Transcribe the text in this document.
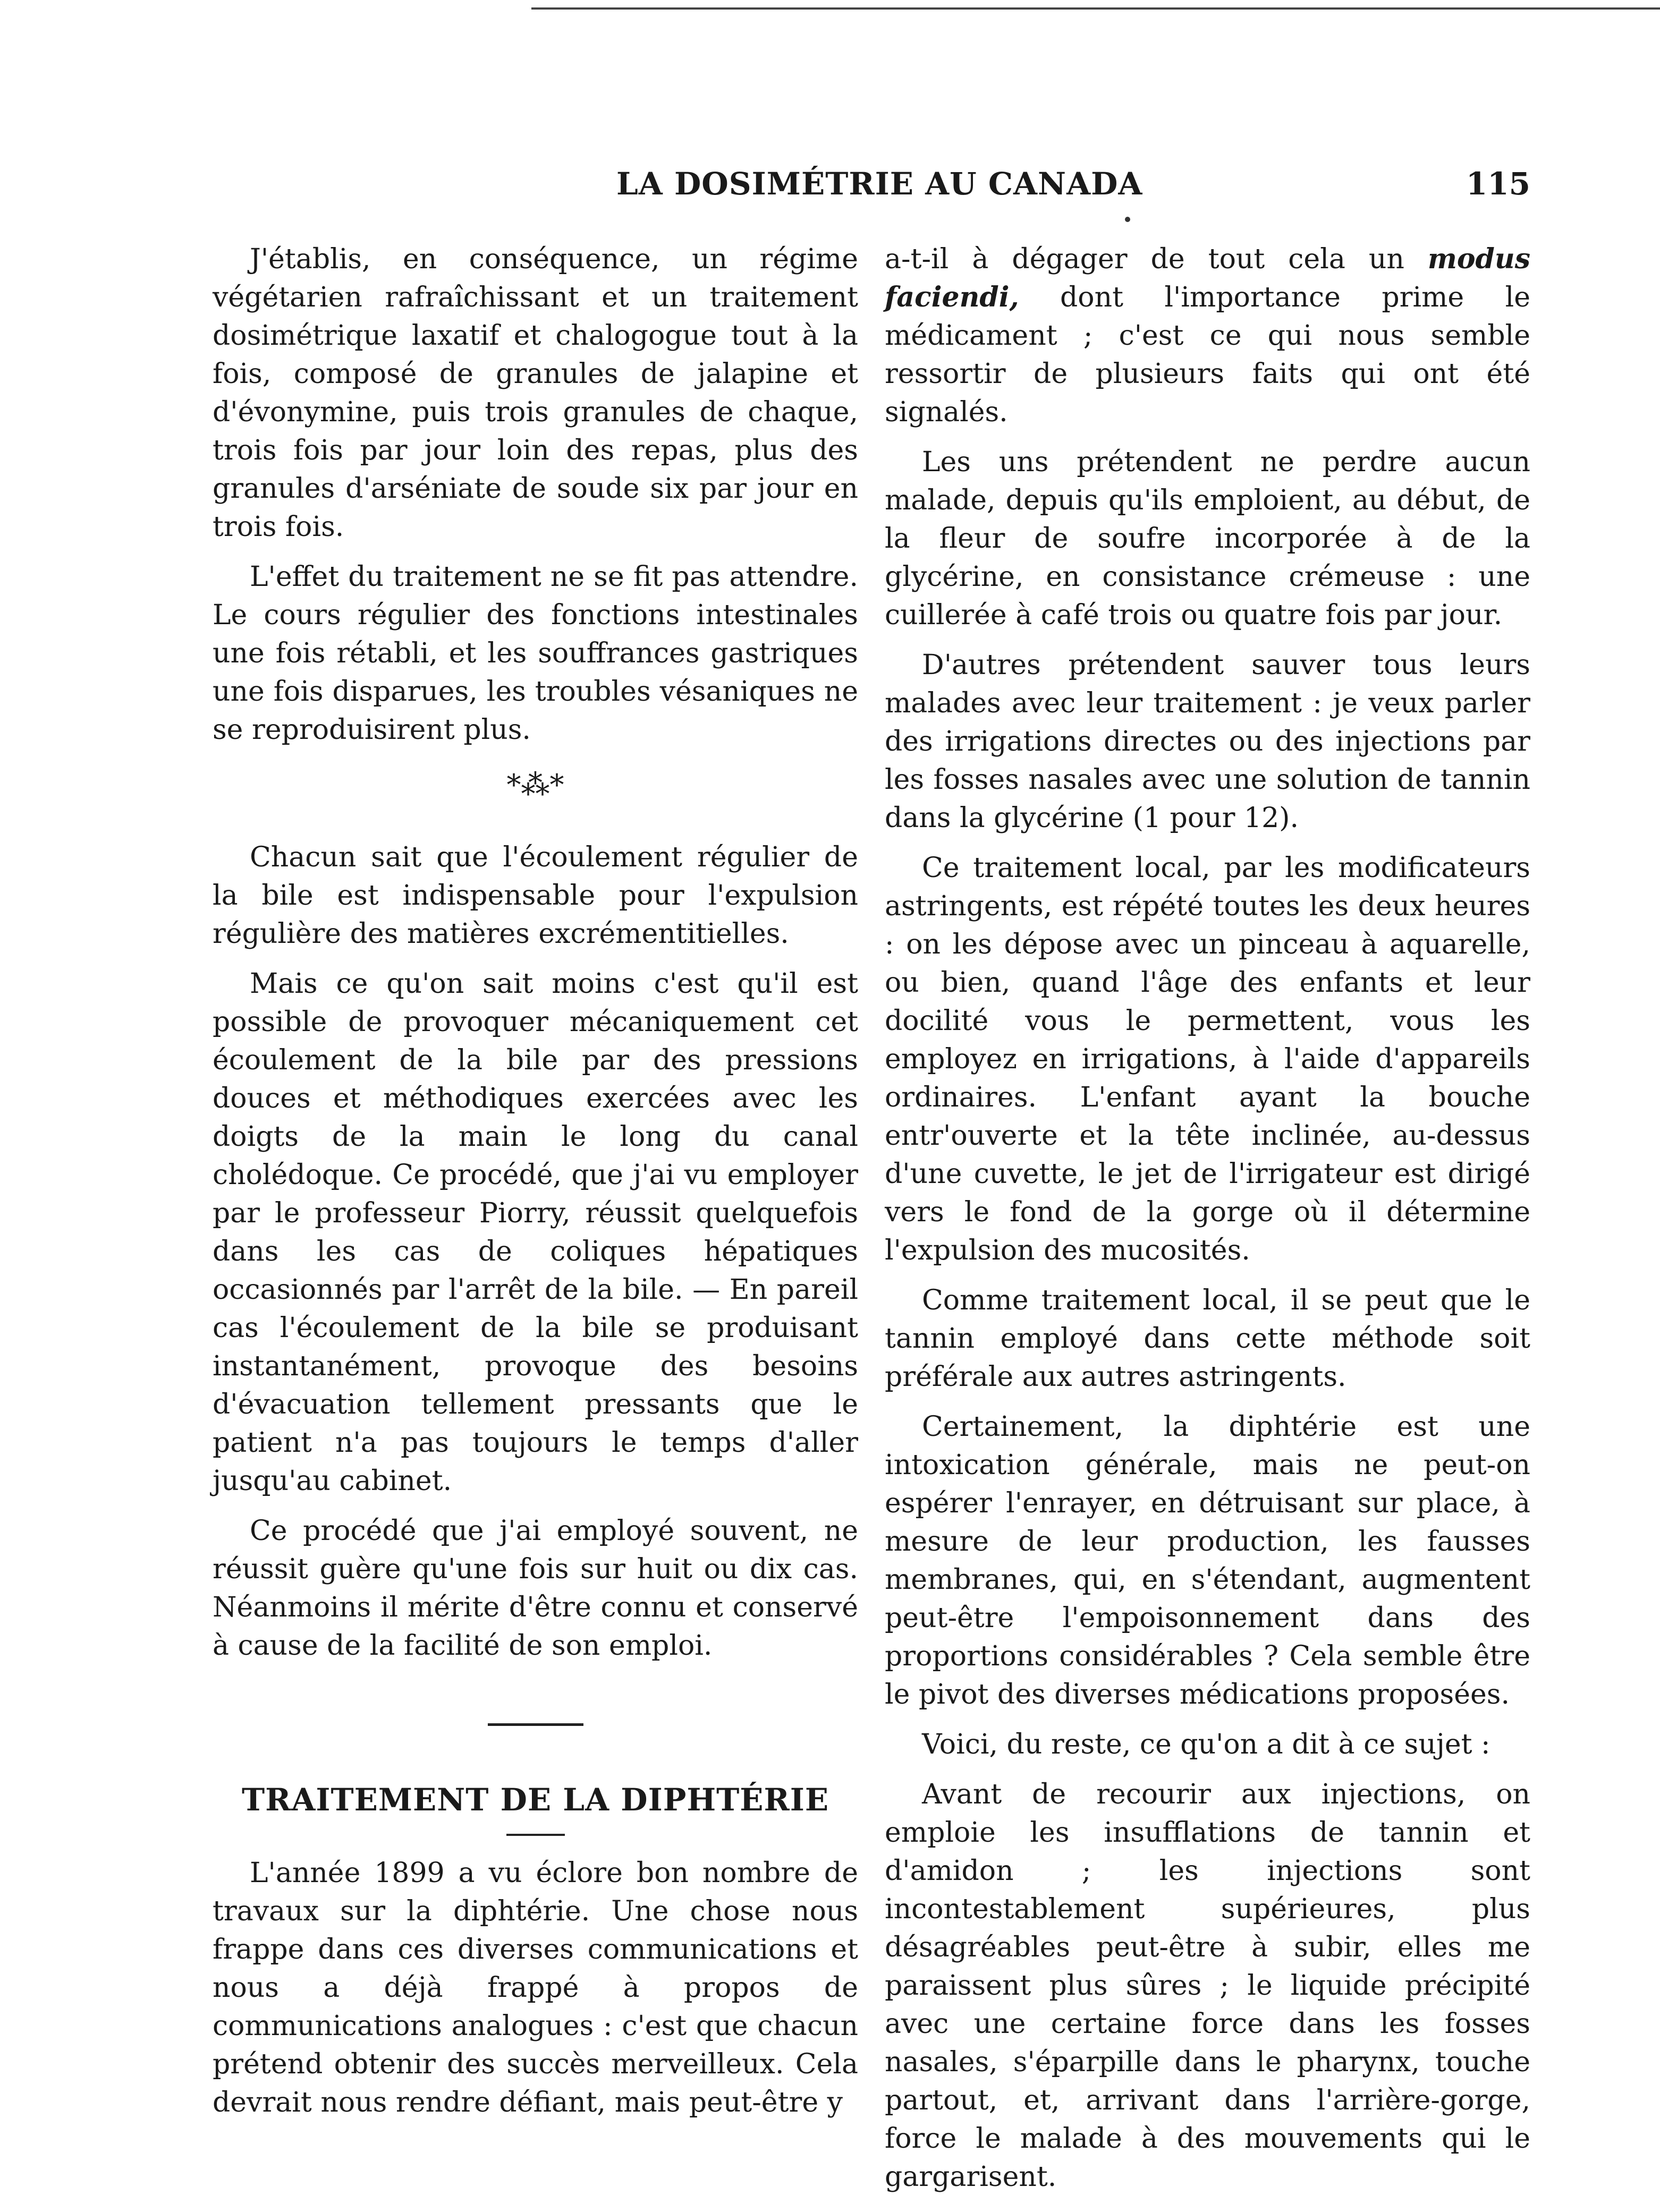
LA DOSIMÉTRIE AU CANADA	115

J'établis, en conséquence, un régime végétarien rafraîchissant et un traitement dosimétrique laxatif et chalogogue tout à la fois, composé de granules de jalapine et d'évonymine, puis trois granules de chaque, trois fois par jour loin des repas, plus des granules d'arséniate de soude six par jour en trois fois.

L'effet du traitement ne se fit pas attendre. Le cours régulier des fonctions intestinales une fois rétabli, et les souffrances gastriques une fois disparues, les troubles vésaniques ne se reproduisirent plus.

*⁂*

Chacun sait que l'écoulement régulier de la bile est indispensable pour l'expulsion régulière des matières excrémentitielles.

Mais ce qu'on sait moins c'est qu'il est possible de provoquer mécaniquement cet écoulement de la bile par des pressions douces et méthodiques exercées avec les doigts de la main le long du canal cholédoque. Ce procédé, que j'ai vu employer par le professeur Piorry, réussit quelquefois dans les cas de coliques hépatiques occasionnés par l'arrêt de la bile. — En pareil cas l'écoulement de la bile se produisant instantanément, provoque des besoins d'évacuation tellement pressants que le patient n'a pas toujours le temps d'aller jusqu'au cabinet.

Ce procédé que j'ai employé souvent, ne réussit guère qu'une fois sur huit ou dix cas. Néanmoins il mérite d'être connu et conservé à cause de la facilité de son emploi.

TRAITEMENT DE LA DIPHTÉRIE

L'année 1899 a vu éclore bon nombre de travaux sur la diphtérie. Une chose nous frappe dans ces diverses communications et nous a déjà frappé à propos de communications analogues : c'est que chacun prétend obtenir des succès merveilleux. Cela devrait nous rendre défiant, mais peut-être y

a-t-il à dégager de tout cela un modus faciendi, dont l'importance prime le médicament ; c'est ce qui nous semble ressortir de plusieurs faits qui ont été signalés.

Les uns prétendent ne perdre aucun malade, depuis qu'ils emploient, au début, de la fleur de soufre incorporée à de la glycérine, en consistance crémeuse : une cuillerée à café trois ou quatre fois par jour.

D'autres prétendent sauver tous leurs malades avec leur traitement : je veux parler des irrigations directes ou des injections par les fosses nasales avec une solution de tannin dans la glycérine (1 pour 12).

Ce traitement local, par les modificateurs astringents, est répété toutes les deux heures : on les dépose avec un pinceau à aquarelle, ou bien, quand l'âge des enfants et leur docilité vous le permettent, vous les employez en irrigations, à l'aide d'appareils ordinaires. L'enfant ayant la bouche entr'ouverte et la tête inclinée, au-dessus d'une cuvette, le jet de l'irrigateur est dirigé vers le fond de la gorge où il détermine l'expulsion des mucosités.

Comme traitement local, il se peut que le tannin employé dans cette méthode soit préférale aux autres astringents.

Certainement, la diphtérie est une intoxication générale, mais ne peut-on espérer l'enrayer, en détruisant sur place, à mesure de leur production, les fausses membranes, qui, en s'étendant, augmentent peut-être l'empoisonnement dans des proportions considérables ? Cela semble être le pivot des diverses médications proposées.

Voici, du reste, ce qu'on a dit à ce sujet :

Avant de recourir aux injections, on emploie les insufflations de tannin et d'amidon ; les injections sont incontestablement supérieures, plus désagréables peut-être à subir, elles me paraissent plus sûres ; le liquide précipité avec une certaine force dans les fosses nasales, s'éparpille dans le pharynx, touche partout, et, arrivant dans l'arrière-gorge, force le malade à des mouvements qui le gargarisent.
